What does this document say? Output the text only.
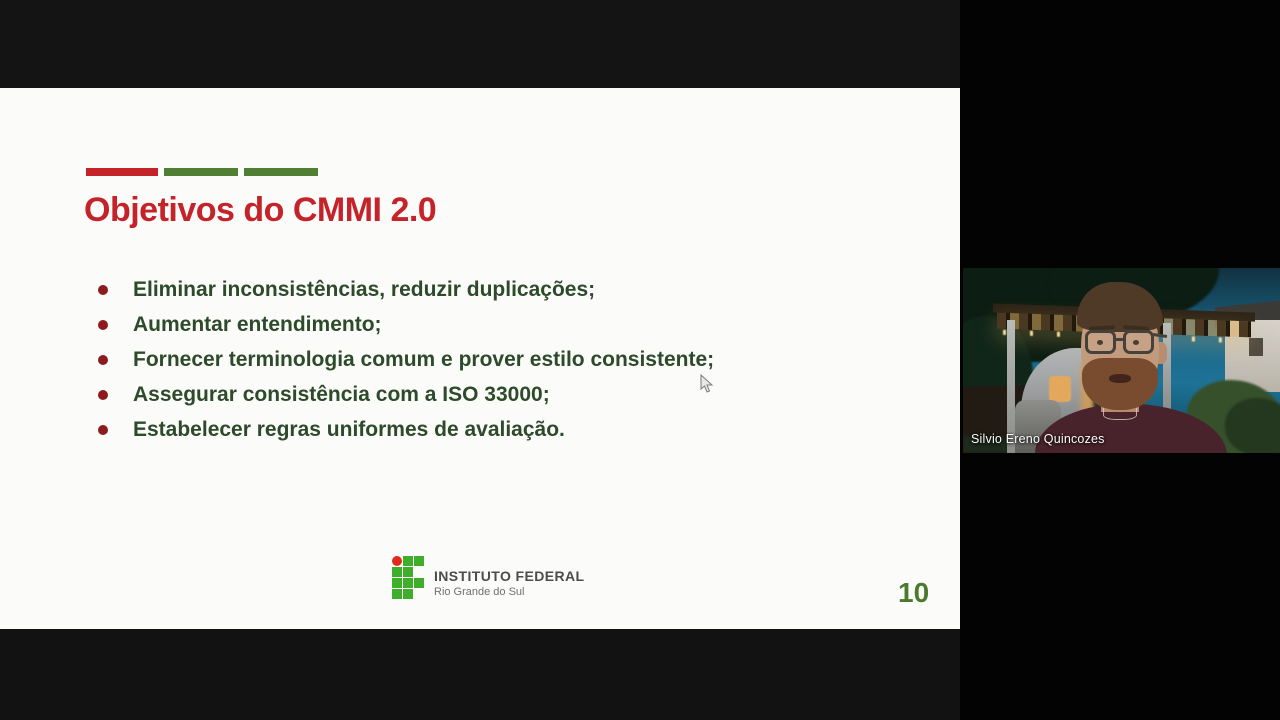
Objetivos do CMMI 2.0
Eliminar inconsistências, reduzir duplicações;
Aumentar entendimento;
Fornecer terminologia comum e prover estilo consistente;
Assegurar consistência com a ISO 33000;
Estabelecer regras uniformes de avaliação.
INSTITUTO FEDERAL
Rio Grande do Sul	10
Silvio Ereno Quincozes
